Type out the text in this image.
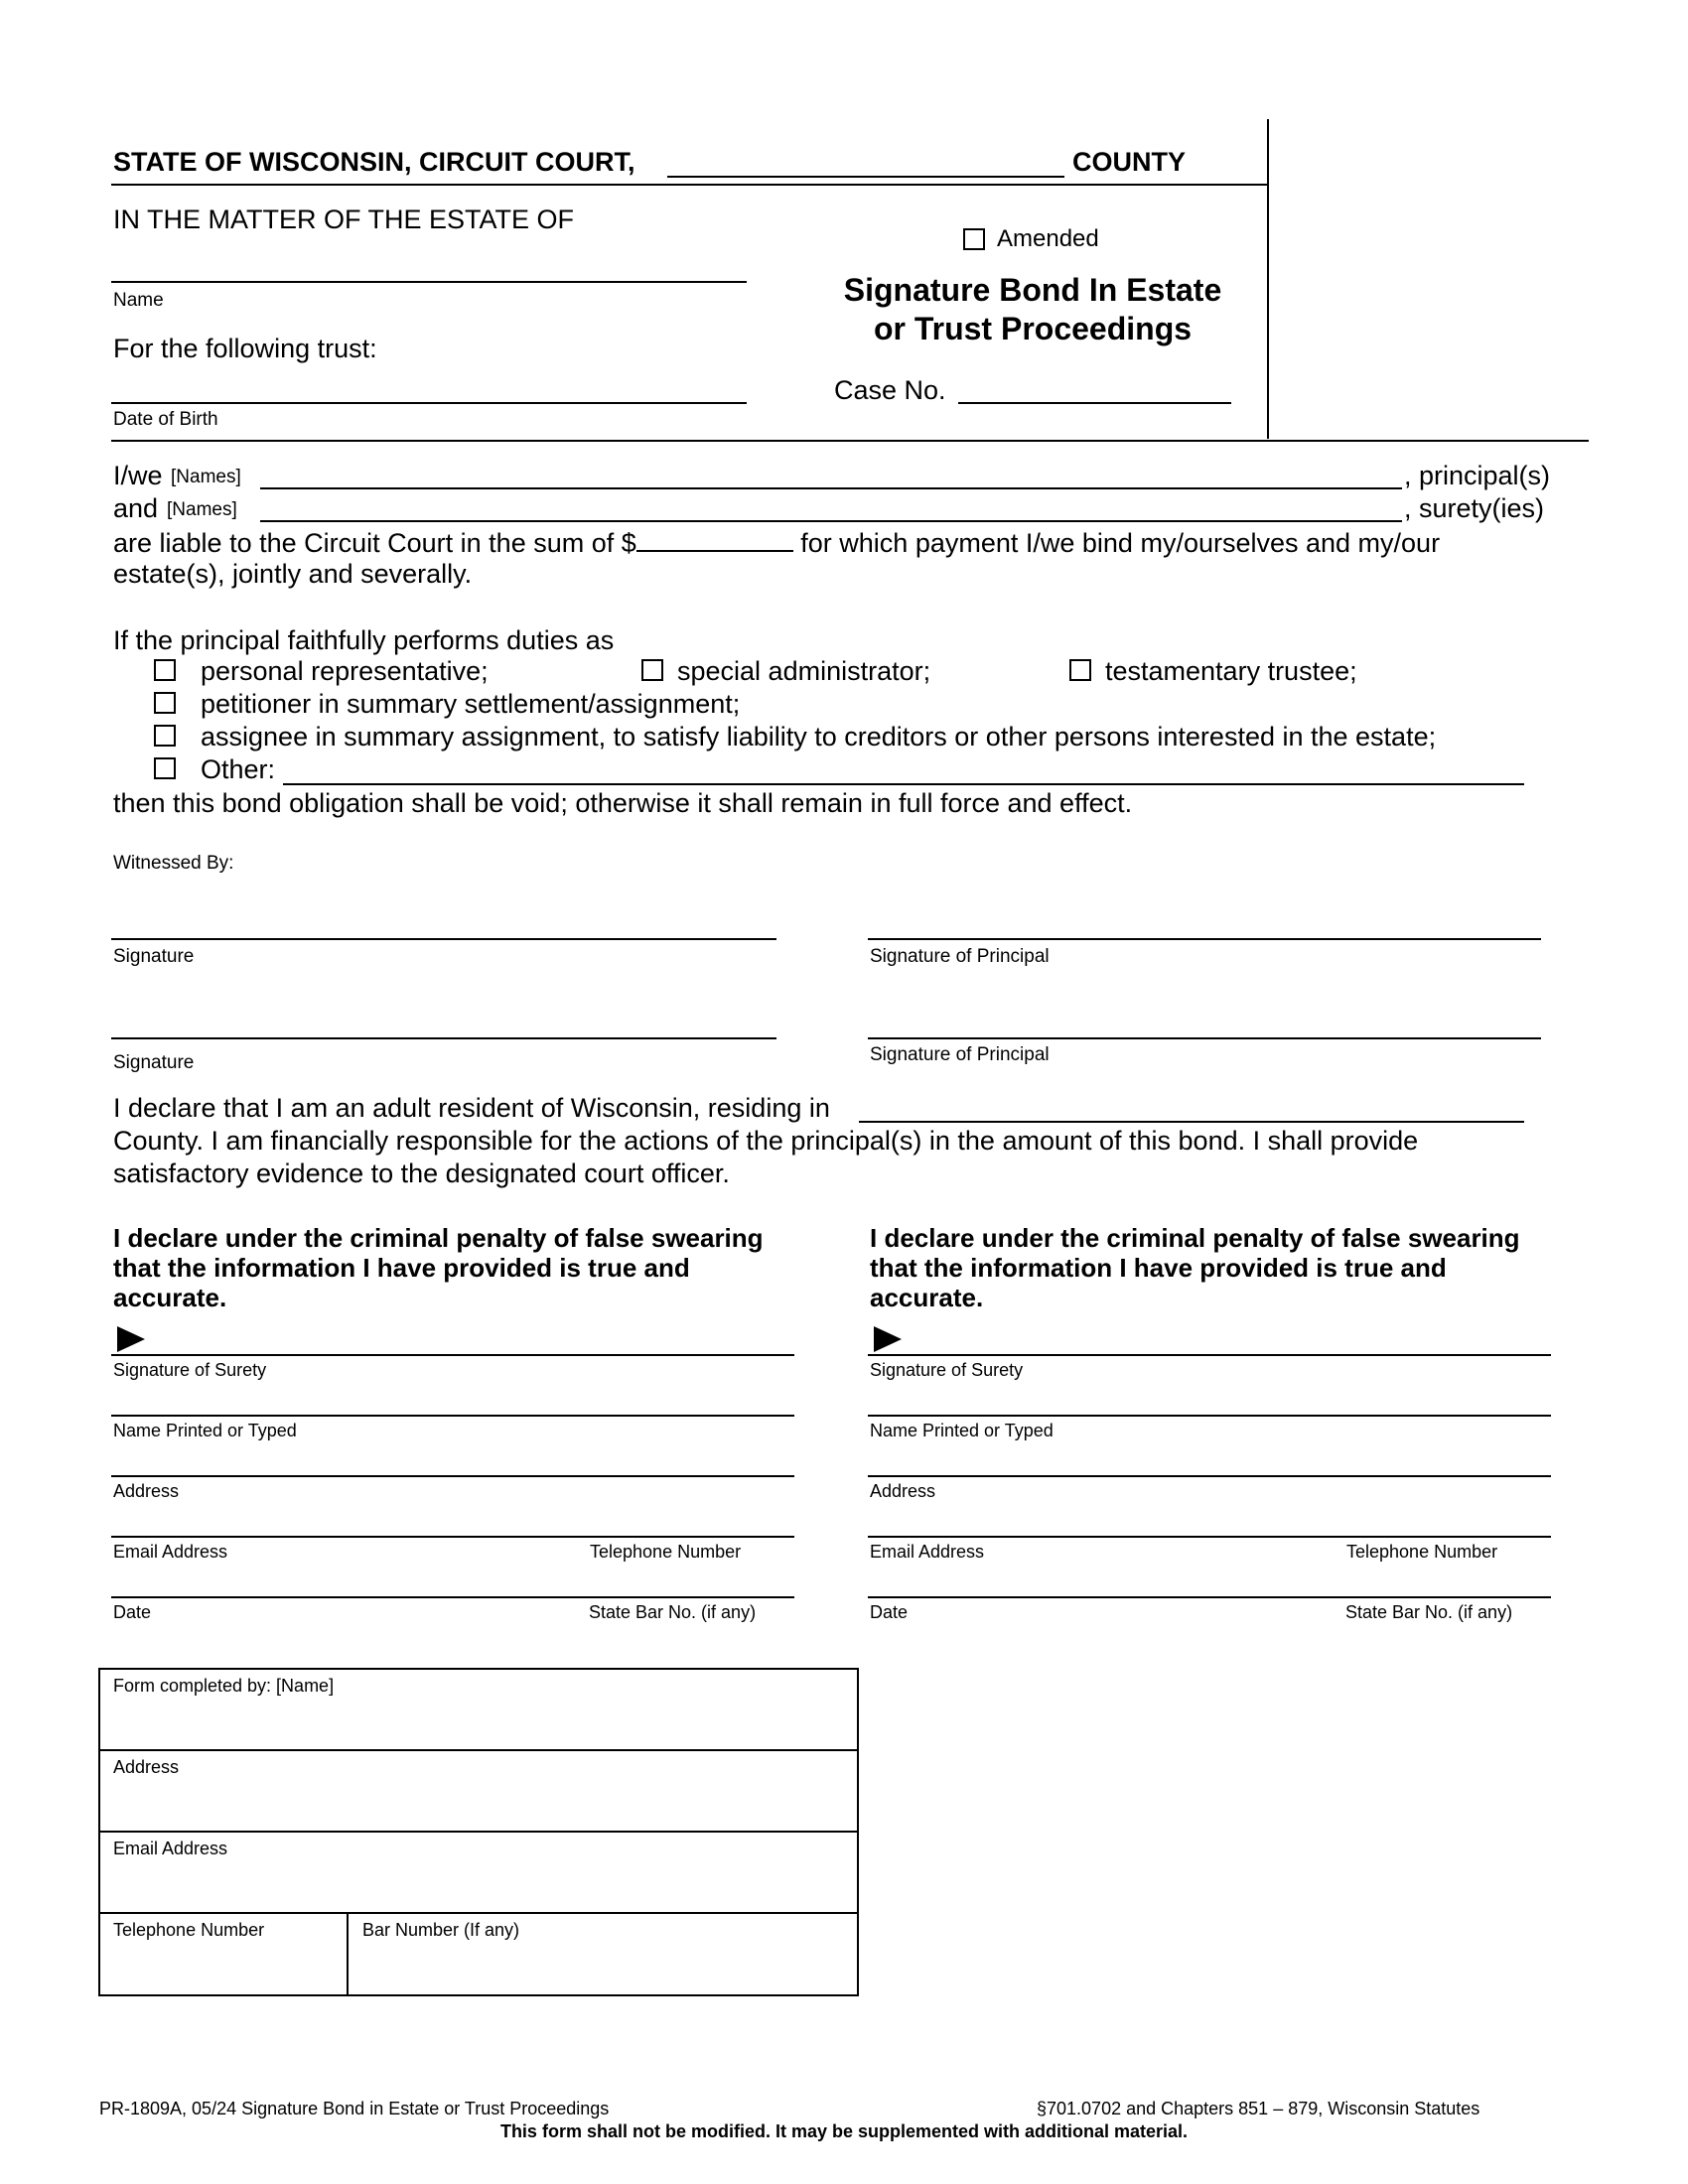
STATE OF WISCONSIN, CIRCUIT COURT,	COUNTY
IN THE MATTER OF THE ESTATE OF
Name
For the following trust:
Date of Birth
Amended
Signature Bond In Estate
or Trust Proceedings
Case No.
I/we [Names]	, principal(s)
and [Names]	, surety(ies)
are liable to the Circuit Court in the sum of $	for which payment I/we bind my/ourselves and my/our
estate(s), jointly and severally.
If the principal faithfully performs duties as
personal representative;	special administrator;	testamentary trustee;
petitioner in summary settlement/assignment;
assignee in summary assignment, to satisfy liability to creditors or other persons interested in the estate;
Other:
then this bond obligation shall be void; otherwise it shall remain in full force and effect.
Witnessed By:
Signature	Signature of Principal
Signature	Signature of Principal
I declare that I am an adult resident of Wisconsin, residing in
County. I am financially responsible for the actions of the principal(s) in the amount of this bond. I shall provide
satisfactory evidence to the designated court officer.
I declare under the criminal penalty of false swearing
that the information I have provided is true and
accurate.
Signature of Surety
Name Printed or Typed
Address
Email Address	Telephone Number
Date	State Bar No. (if any)
I declare under the criminal penalty of false swearing
that the information I have provided is true and
accurate.
Signature of Surety
Name Printed or Typed
Address
Email Address	Telephone Number
Date	State Bar No. (if any)
Form completed by: [Name]
Address
Email Address
Telephone Number	Bar Number (If any)
PR-1809A, 05/24 Signature Bond in Estate or Trust Proceedings	§701.0702 and Chapters 851 – 879, Wisconsin Statutes
This form shall not be modified. It may be supplemented with additional material.
